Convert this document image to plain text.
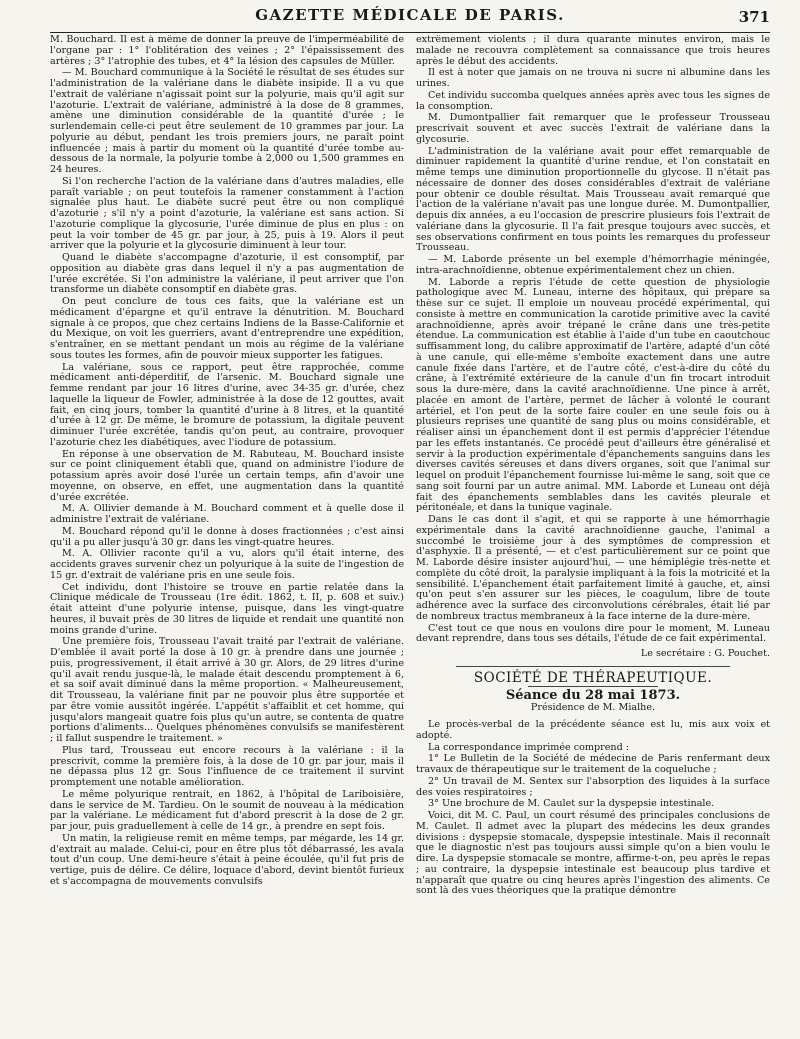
GAZETTE MÉDICALE DE PARIS.	371

M. Bouchard. Il est à même de donner la preuve de l'imperméabilité de l'organe par : 1° l'oblitération des veines ; 2° l'épaississement des artères ; 3° l'atrophie des tubes, et 4° la lésion des capsules de Müller.

— M. Bouchard communique à la Société le résultat de ses études sur l'administration de la valériane dans le diabète insipide. Il a vu que l'extrait de valériane n'agissait point sur la polyurie, mais qu'il agit sur l'azoturie. L'extrait de valériane, administré à la dose de 8 grammes, amène une diminution considérable de la quantité d'urée ; le surlendemain celle-ci peut être seulement de 10 grammes par jour. La polyurie au début, pendant les trois premiers jours, ne paraît point influencée ; mais à partir du moment où la quantité d'urée tombe au-dessous de la normale, la polyurie tombe à 2,000 ou 1,500 grammes en 24 heures.

Si l'on recherche l'action de la valériane dans d'autres maladies, elle paraît variable ; on peut toutefois la ramener constamment à l'action signalée plus haut. Le diabète sucré peut être ou non compliqué d'azoturie ; s'il n'y a point d'azoturie, la valériane est sans action. Si l'azoturie complique la glycosurie, l'urée diminue de plus en plus : on peut la voir tomber de 45 gr. par jour, à 25, puis à 19. Alors il peut arriver que la polyurie et la glycosurie diminuent à leur tour.

Quand le diabète s'accompagne d'azoturie, il est consomptif, par opposition au diabète gras dans lequel il n'y a pas augmentation de l'urée excrétée. Si l'on administre la valériane, il peut arriver que l'on transforme un diabète consomptif en diabète gras.

On peut conclure de tous ces faits, que la valériane est un médicament d'épargne et qu'il entrave la dénutrition. M. Bouchard signale à ce propos, que chez certains Indiens de la Basse-Californie et du Mexique, on voit les guerriers, avant d'entreprendre une expédition, s'entraîner, en se mettant pendant un mois au régime de la valériane sous toutes les formes, afin de pouvoir mieux supporter les fatigues.

La valériane, sous ce rapport, peut être rapprochée, comme médicament anti-déperditif, de l'arsenic. M. Bouchard signale une femme rendant par jour 16 litres d'urine, avec 34-35 gr. d'urée, chez laquelle la liqueur de Fowler, administrée à la dose de 12 gouttes, avait fait, en cinq jours, tomber la quantité d'urine à 8 litres, et la quantité d'urée à 12 gr. De même, le bromure de potassium, la digitale peuvent diminuer l'urée excrétée, tandis qu'on peut, au contraire, provoquer l'azoturie chez les diabétiques, avec l'iodure de potassium.

En réponse à une observation de M. Rabuteau, M. Bouchard insiste sur ce point cliniquement établi que, quand on administre l'iodure de potassium après avoir dosé l'urée un certain temps, afin d'avoir une moyenne, on observe, en effet, une augmentation dans la quantité d'urée excrétée.

M. A. Ollivier demande à M. Bouchard comment et à quelle dose il administre l'extrait de valériane.

M. Bouchard répond qu'il le donne à doses fractionnées ; c'est ainsi qu'il a pu aller jusqu'à 30 gr. dans les vingt-quatre heures.

M. A. Ollivier raconte qu'il a vu, alors qu'il était interne, des accidents graves survenir chez un polyurique à la suite de l'ingestion de 15 gr. d'extrait de valériane pris en une seule fois.

Cet individu, dont l'histoire se trouve en partie relatée dans la Clinique médicale de Trousseau (1re édit. 1862, t. II, p. 608 et suiv.) était atteint d'une polyurie intense, puisque, dans les vingt-quatre heures, il buvait près de 30 litres de liquide et rendait une quantité non moins grande d'urine.

Une première fois, Trousseau l'avait traité par l'extrait de valériane. D'emblée il avait porté la dose à 10 gr. à prendre dans une journée ; puis, progressivement, il était arrivé à 30 gr. Alors, de 29 litres d'urine qu'il avait rendu jusque-là, le malade était descendu promptement à 6, et sa soif avait diminué dans la même proportion. « Malheureusement, dit Trousseau, la valériane finit par ne pouvoir plus être supportée et par être vomie aussitôt ingérée. L'appétit s'affaiblit et cet homme, qui jusqu'alors mangeait quatre fois plus qu'un autre, se contenta de quatre portions d'aliments... Quelques phénomènes convulsifs se manifestèrent ; il fallut suspendre le traitement. »

Plus tard, Trousseau eut encore recours à la valériane : il la prescrivit, comme la première fois, à la dose de 10 gr. par jour, mais il ne dépassa plus 12 gr. Sous l'influence de ce traitement il survint promptement une notable amélioration.

Le même polyurique rentrait, en 1862, à l'hôpital de Lariboisière, dans le service de M. Tardieu. On le soumit de nouveau à la médication par la valériane. Le médicament fut d'abord prescrit à la dose de 2 gr. par jour, puis graduellement à celle de 14 gr., à prendre en sept fois.

Un matin, la religieuse remit en même temps, par mégarde, les 14 gr. d'extrait au malade. Celui-ci, pour en être plus tôt débarrassé, les avala tout d'un coup. Une demi-heure s'était à peine écoulée, qu'il fut pris de vertige, puis de délire. Ce délire, loquace d'abord, devint bientôt furieux et s'accompagna de mouvements convulsifs

extrêmement violents ; il dura quarante minutes environ, mais le malade ne recouvra complètement sa connaissance que trois heures après le début des accidents.

Il est à noter que jamais on ne trouva ni sucre ni albumine dans les urines.

Cet individu succomba quelques années après avec tous les signes de la consomption.

M. Dumontpallier fait remarquer que le professeur Trousseau prescrivait souvent et avec succès l'extrait de valériane dans la glycosurie.

L'administration de la valériane avait pour effet remarquable de diminuer rapidement la quantité d'urine rendue, et l'on constatait en même temps une diminution proportionnelle du glycose. Il n'était pas nécessaire de donner des doses considérables d'extrait de valériane pour obtenir ce double résultat. Mais Trousseau avait remarqué que l'action de la valériane n'avait pas une longue durée. M. Dumontpallier, depuis dix années, a eu l'occasion de prescrire plusieurs fois l'extrait de valériane dans la glycosurie. Il l'a fait presque toujours avec succès, et ses observations confirment en tous points les remarques du professeur Trousseau.

— M. Laborde présente un bel exemple d'hémorrhagie méningée, intra-arachnoïdienne, obtenue expérimentalement chez un chien.

M. Laborde a repris l'étude de cette question de physiologie pathologique avec M. Luneau, interne des hôpitaux, qui prépare sa thèse sur ce sujet. Il emploie un nouveau procédé expérimental, qui consiste à mettre en communication la carotide primitive avec la cavité arachnoïdienne, après avoir trépané le crâne dans une très-petite étendue. La communication est établie à l'aide d'un tube en caoutchouc suffisamment long, du calibre approximatif de l'artère, adapté d'un côté à une canule, qui elle-même s'emboîte exactement dans une autre canule fixée dans l'artère, et de l'autre côté, c'est-à-dire du côté du crâne, à l'extrémité extérieure de la canule d'un fin trocart introduit sous la dure-mère, dans la cavité arachnoïdienne. Une pince à arrêt, placée en amont de l'artère, permet de lâcher à volonté le courant artériel, et l'on peut de la sorte faire couler en une seule fois ou à plusieurs reprises une quantité de sang plus ou moins considérable, et réaliser ainsi un épanchement dont il est permis d'apprécier l'étendue par les effets instantanés. Ce procédé peut d'ailleurs être généralisé et servir à la production expérimentale d'épanchements sanguins dans les diverses cavités séreuses et dans divers organes, soit que l'animal sur lequel on produit l'épanchement fournisse lui-même le sang, soit que ce sang soit fourni par un autre animal. MM. Laborde et Luneau ont déjà fait des épanchements semblables dans les cavités pleurale et péritonéale, et dans la tunique vaginale.

Dans le cas dont il s'agit, et qui se rapporte à une hémorrhagie expérimentale dans la cavité arachnoïdienne gauche, l'animal a succombé le troisième jour à des symptômes de compression et d'asphyxie. Il a présenté, — et c'est particulièrement sur ce point que M. Laborde désire insister aujourd'hui, — une hémiplégie très-nette et complète du côté droit, la paralysie impliquant à la fois la motricité et la sensibilité. L'épanchement était parfaitement limité à gauche, et, ainsi qu'on peut s'en assurer sur les pièces, le coagulum, libre de toute adhérence avec la surface des circonvolutions cérébrales, était lié par de nombreux tractus membraneux à la face interne de la dure-mère.

C'est tout ce que nous en voulons dire pour le moment, M. Luneau devant reprendre, dans tous ses détails, l'étude de ce fait expérimental.

Le secrétaire : G. Pouchet.
SOCIÉTÉ DE THÉRAPEUTIQUE.
Séance du 28 mai 1873.
Présidence de M. Mialhe.

Le procès-verbal de la précédente séance est lu, mis aux voix et adopté.

La correspondance imprimée comprend :

1° Le Bulletin de la Société de médecine de Paris renfermant deux travaux de thérapeutique sur le traitement de la coqueluche ;

2° Un travail de M. Sentex sur l'absorption des liquides à la surface des voies respiratoires ;

3° Une brochure de M. Caulet sur la dyspepsie intestinale.

Voici, dit M. C. Paul, un court résumé des principales conclusions de M. Caulet. Il admet avec la plupart des médecins les deux grandes divisions : dyspepsie stomacale, dyspepsie intestinale. Mais il reconnaît que le diagnostic n'est pas toujours aussi simple qu'on a bien voulu le dire. La dyspepsie stomacale se montre, affirme-t-on, peu après le repas ; au contraire, la dyspepsie intestinale est beaucoup plus tardive et n'apparaît que quatre ou cinq heures après l'ingestion des aliments. Ce sont là des vues théoriques que la pratique démontre
